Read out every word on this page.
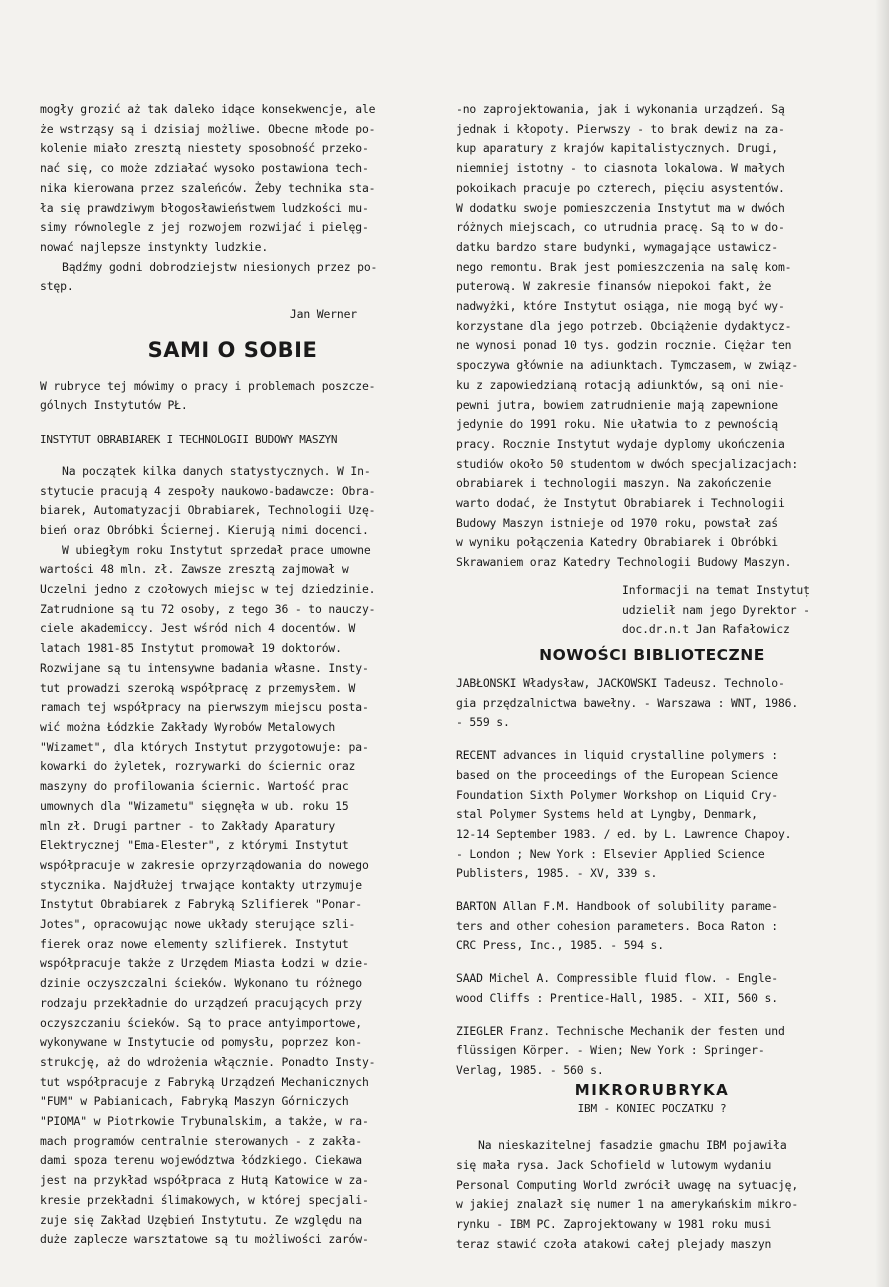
mogły grozić aż tak daleko idące konsekwencje, ale

że wstrząsy są i dzisiaj możliwe. Obecne młode po-

kolenie miało zresztą niestety sposobność przeko-

nać się, co może zdziałać wysoko postawiona tech-

nika kierowana przez szaleńców. Żeby technika sta-

ła się prawdziwym błogosławieństwem ludzkości mu-

simy równolegle z jej rozwojem rozwijać i pielęg-

nować najlepsze instynkty ludzkie.

Bądźmy godni dobrodziejstw niesionych przez po-

stęp.

Jan Werner

SAMI O SOBIE

W rubryce tej mówimy o pracy i problemach poszcze-

gólnych Instytutów PŁ.

INSTYTUT OBRABIAREK I TECHNOLOGII BUDOWY MASZYN

Na początek kilka danych statystycznych. W In-

stytucie pracują 4 zespoły naukowo-badawcze: Obra-

biarek, Automatyzacji Obrabiarek, Technologii Uzę-

bień oraz Obróbki Ściernej. Kierują nimi docenci.

W ubiegłym roku Instytut sprzedał prace umowne

wartości 48 mln. zł. Zawsze zresztą zajmował w

Uczelni jedno z czołowych miejsc w tej dziedzinie.

Zatrudnione są tu 72 osoby, z tego 36 - to nauczy-

ciele akademiccy. Jest wśród nich 4 docentów. W

latach 1981-85 Instytut promował 19 doktorów.

Rozwijane są tu intensywne badania własne. Insty-

tut prowadzi szeroką współpracę z przemysłem. W

ramach tej współpracy na pierwszym miejscu posta-

wić można Łódzkie Zakłady Wyrobów Metalowych

"Wizamet", dla których Instytut przygotowuje: pa-

kowarki do żyletek, rozrywarki do ściernic oraz

maszyny do profilowania ściernic. Wartość prac

umownych dla "Wizametu" sięgnęła w ub. roku 15

mln zł. Drugi partner - to Zakłady Aparatury

Elektrycznej "Ema-Elester", z którymi Instytut

współpracuje w zakresie oprzyrządowania do nowego

stycznika. Najdłużej trwające kontakty utrzymuje

Instytut Obrabiarek z Fabryką Szlifierek "Ponar-

Jotes", opracowując nowe układy sterujące szli-

fierek oraz nowe elementy szlifierek. Instytut

współpracuje także z Urzędem Miasta Łodzi w dzie-

dzinie oczyszczalni ścieków. Wykonano tu różnego

rodzaju przekładnie do urządzeń pracujących przy

oczyszczaniu ścieków. Są to prace antyimportowe,

wykonywane w Instytucie od pomysłu, poprzez kon-

strukcję, aż do wdrożenia włącznie. Ponadto Insty-

tut współpracuje z Fabryką Urządzeń Mechanicznych

"FUM" w Pabianicach, Fabryką Maszyn Górniczych

"PIOMA" w Piotrkowie Trybunalskim, a także, w ra-

mach programów centralnie sterowanych - z zakła-

dami spoza terenu województwa łódzkiego. Ciekawa

jest na przykład współpraca z Hutą Katowice w za-

kresie przekładni ślimakowych, w której specjali-

zuje się Zakład Uzębień Instytutu. Ze względu na

duże zaplecze warsztatowe są tu możliwości zarów-

-no zaprojektowania, jak i wykonania urządzeń. Są

jednak i kłopoty. Pierwszy - to brak dewiz na za-

kup aparatury z krajów kapitalistycznych. Drugi,

niemniej istotny - to ciasnota lokalowa. W małych

pokoikach pracuje po czterech, pięciu asystentów.

W dodatku swoje pomieszczenia Instytut ma w dwóch

różnych miejscach, co utrudnia pracę. Są to w do-

datku bardzo stare budynki, wymagające ustawicz-

nego remontu. Brak jest pomieszczenia na salę kom-

puterową. W zakresie finansów niepokoi fakt, że

nadwyżki, które Instytut osiąga, nie mogą być wy-

korzystane dla jego potrzeb. Obciążenie dydaktycz-

ne wynosi ponad 10 tys. godzin rocznie. Ciężar ten

spoczywa głównie na adiunktach. Tymczasem, w związ-

ku z zapowiedzianą rotacją adiunktów, są oni nie-

pewni jutra, bowiem zatrudnienie mają zapewnione

jedynie do 1991 roku. Nie ułatwia to z pewnością

pracy. Rocznie Instytut wydaje dyplomy ukończenia

studiów około 50 studentom w dwóch specjalizacjach:

obrabiarek i technologii maszyn. Na zakończenie

warto dodać, że Instytut Obrabiarek i Technologii

Budowy Maszyn istnieje od 1970 roku, powstał zaś

w wyniku połączenia Katedry Obrabiarek i Obróbki

Skrawaniem oraz Katedry Technologii Budowy Maszyn.

Informacji na temat Instytuṭ

udzielił nam jego Dyrektor -

doc.dr.n.t Jan Rafałowicz

NOWOŚCI BIBLIOTECZNE

JABŁONSKI Władysław, JACKOWSKI Tadeusz. Technolo-

gia przędzalnictwa bawełny. - Warszawa : WNT, 1986.

- 559 s.

RECENT advances in liquid crystalline polymers :

based on the proceedings of the European Science

Foundation Sixth Polymer Workshop on Liquid Cry-

stal Polymer Systems held at Lyngby, Denmark,

12-14 September 1983. / ed. by L. Lawrence Chapoy.

- London ; New York : Elsevier Applied Science

Publisters, 1985. - XV, 339 s.

BARTON Allan F.M. Handbook of solubility parame-

ters and other cohesion parameters. Boca Raton :

CRC Press, Inc., 1985. - 594 s.

SAAD Michel A. Compressible fluid flow. - Engle-

wood Cliffs : Prentice-Hall, 1985. - XII, 560 s.

ZIEGLER Franz. Technische Mechanik der festen und

flüssigen Körper. - Wien; New York : Springer-

Verlag, 1985. - 560 s.

MIKRORUBRYKA

IBM - KONIEC POCZATKU ?

Na nieskazitelnej fasadzie gmachu IBM pojawiła

się mała rysa. Jack Schofield w lutowym wydaniu

Personal Computing World zwrócił uwagę na sytuację,

w jakiej znalazł się numer 1 na amerykańskim mikro-

rynku - IBM PC. Zaprojektowany w 1981 roku musi

teraz stawić czoła atakowi całej plejady maszyn
